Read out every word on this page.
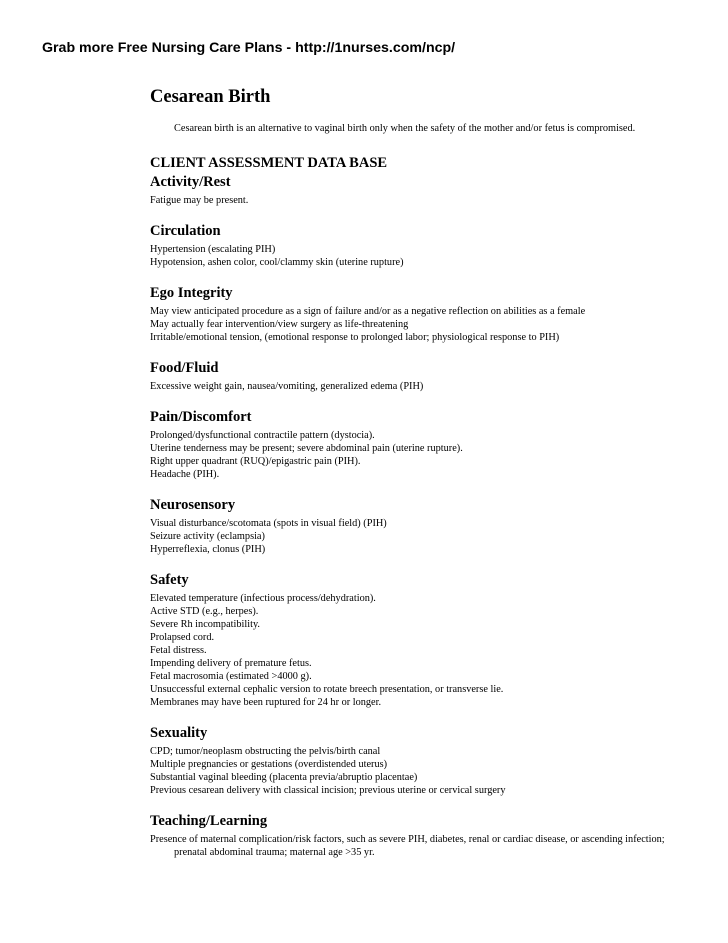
Grab more Free Nursing Care Plans - http://1nurses.com/ncp/
Cesarean Birth

Cesarean birth is an alternative to vaginal birth only when the safety of the mother and/or fetus is compromised.

CLIENT ASSESSMENT DATA BASE
Activity/Rest
Fatigue may be present.
Circulation
Hypertension (escalating PIH)
Hypotension, ashen color, cool/clammy skin (uterine rupture)
Ego Integrity
May view anticipated procedure as a sign of failure and/or as a negative reflection on abilities as a female
May actually fear intervention/view surgery as life-threatening
Irritable/emotional tension, (emotional response to prolonged labor; physiological response to PIH)
Food/Fluid
Excessive weight gain, nausea/vomiting, generalized edema (PIH)
Pain/Discomfort
Prolonged/dysfunctional contractile pattern (dystocia).
Uterine tenderness may be present; severe abdominal pain (uterine rupture).
Right upper quadrant (RUQ)/epigastric pain (PIH).
Headache (PIH).
Neurosensory
Visual disturbance/scotomata (spots in visual field) (PIH)
Seizure activity (eclampsia)
Hyperreflexia, clonus (PIH)
Safety
Elevated temperature (infectious process/dehydration).
Active STD (e.g., herpes).
Severe Rh incompatibility.
Prolapsed cord.
Fetal distress.
Impending delivery of premature fetus.
Fetal macrosomia (estimated >4000 g).
Unsuccessful external cephalic version to rotate breech presentation, or transverse lie.
Membranes may have been ruptured for 24 hr or longer.
Sexuality
CPD; tumor/neoplasm obstructing the pelvis/birth canal
Multiple pregnancies or gestations (overdistended uterus)
Substantial vaginal bleeding (placenta previa/abruptio placentae)
Previous cesarean delivery with classical incision; previous uterine or cervical surgery
Teaching/Learning
Presence of maternal complication/risk factors, such as severe PIH, diabetes, renal or cardiac disease, or ascending infection; prenatal abdominal trauma; maternal age >35 yr.
